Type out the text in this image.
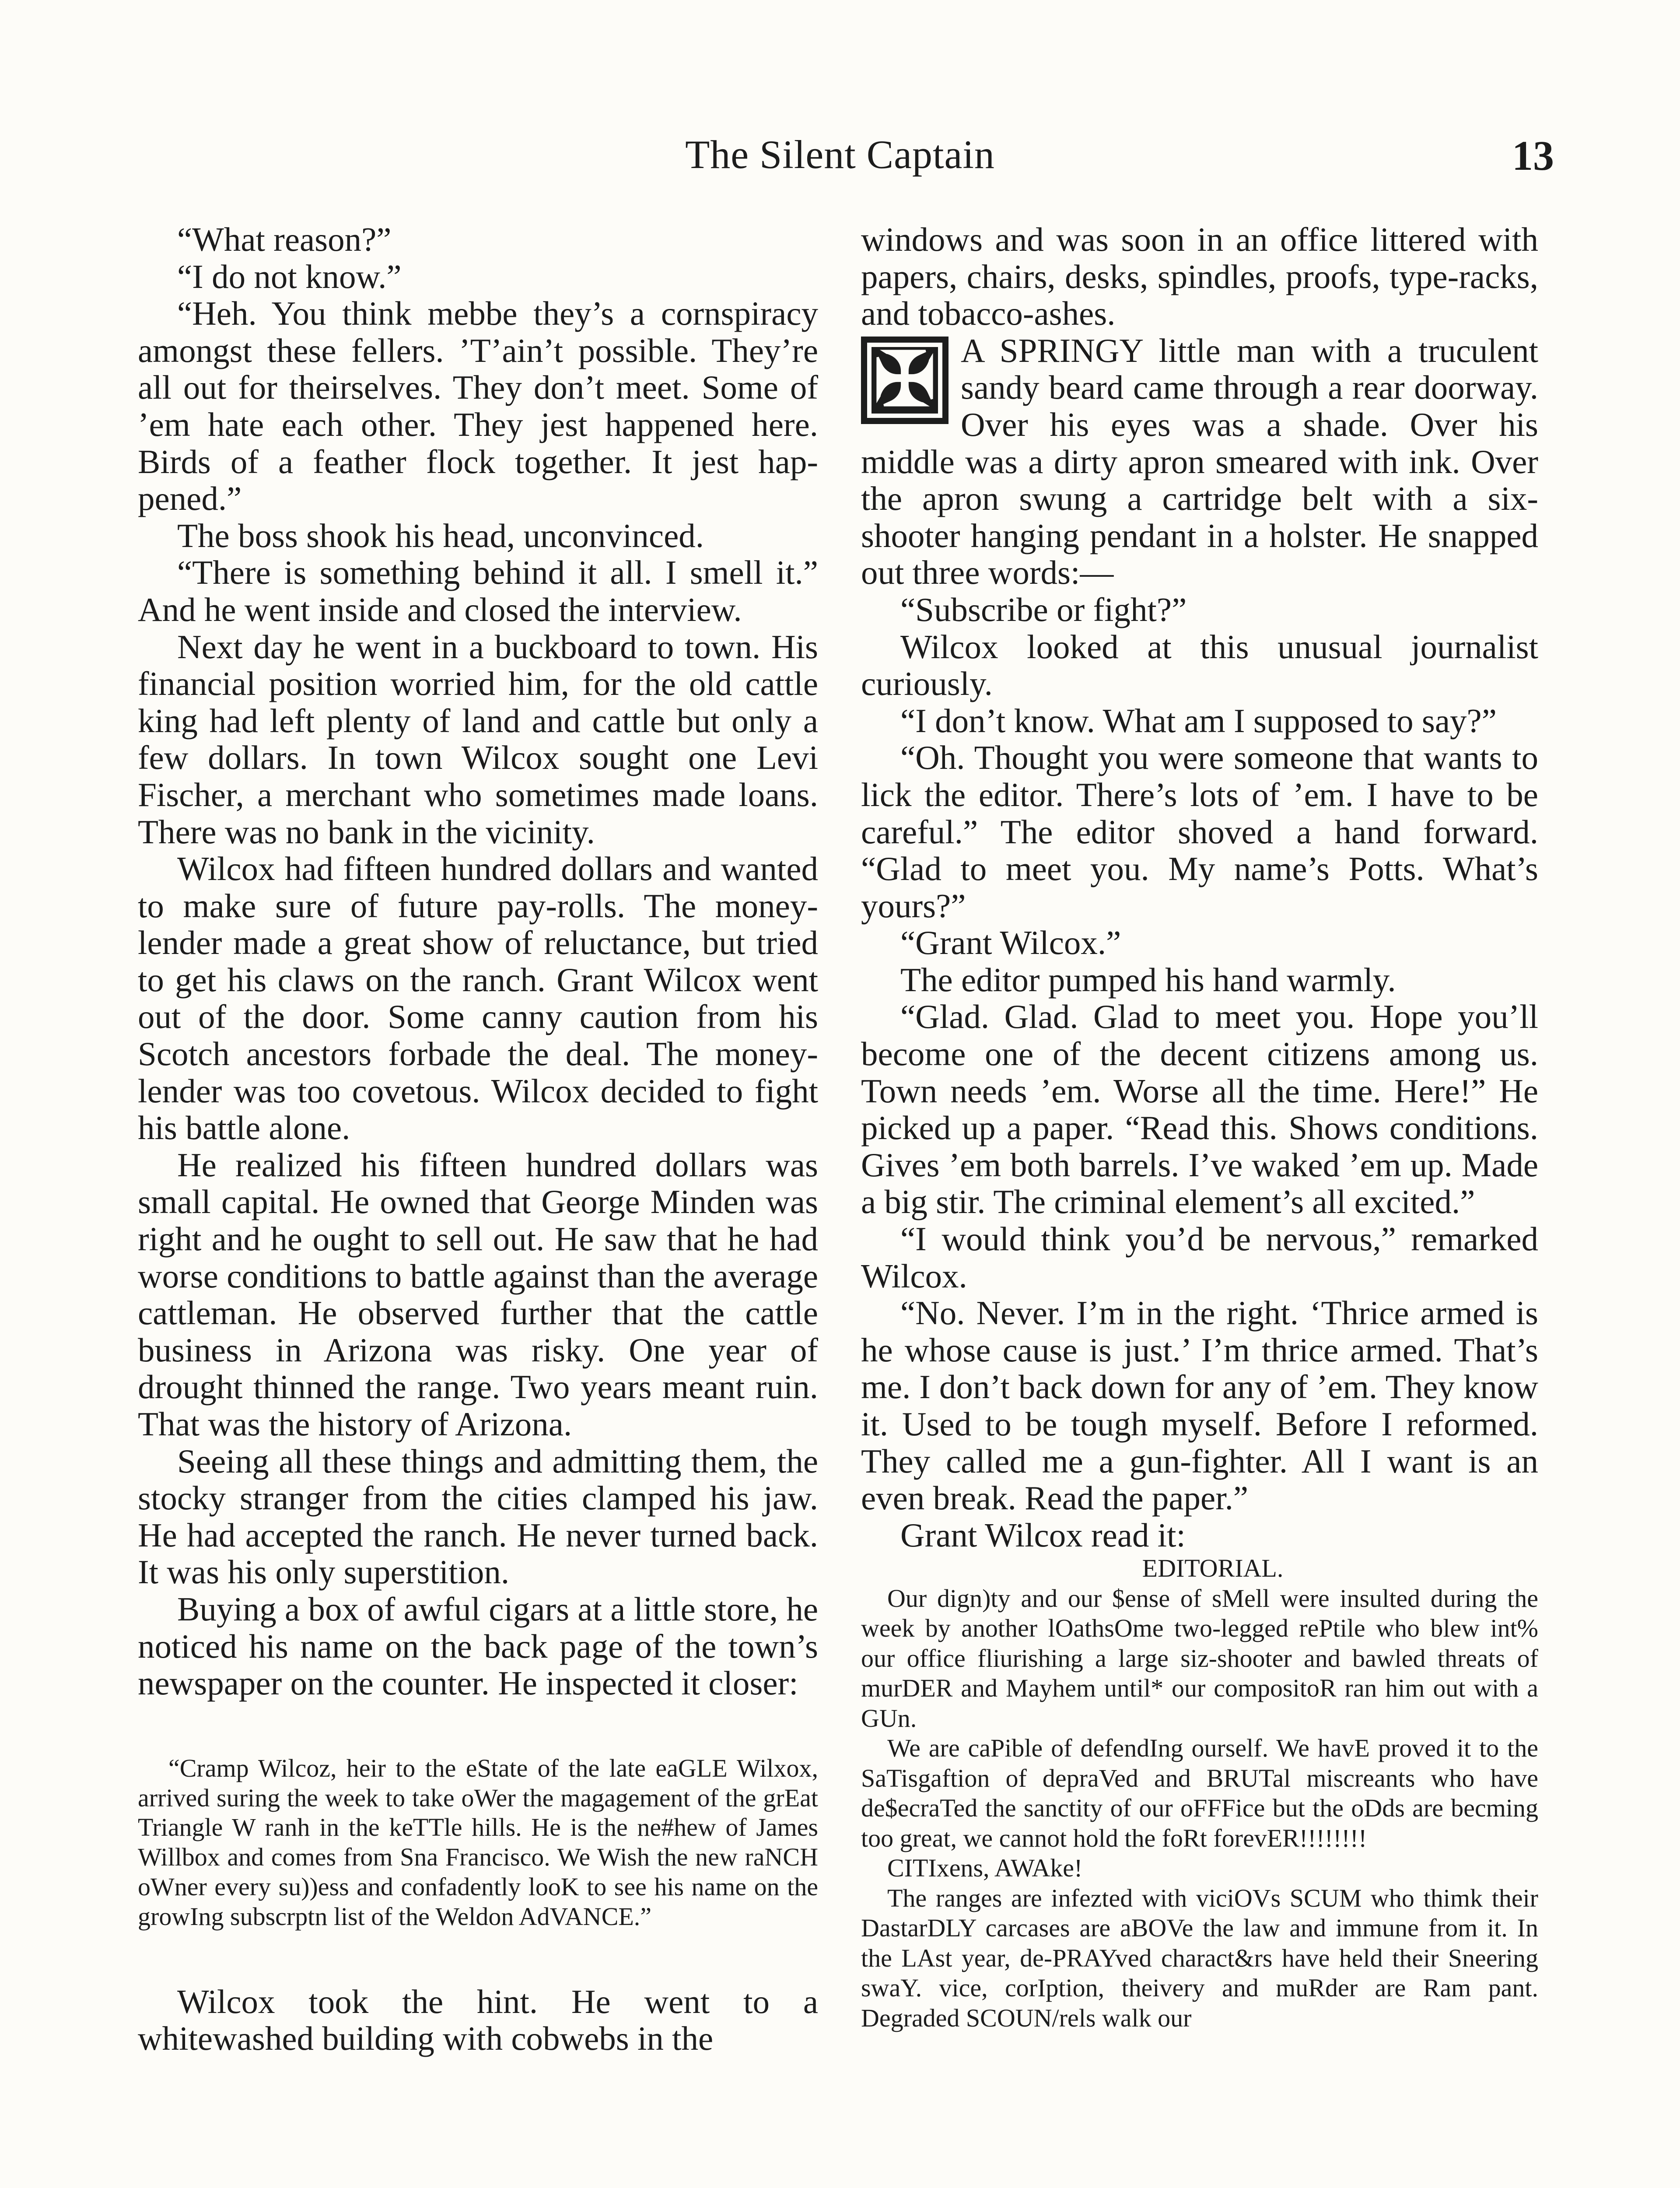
The Silent Captain	13

“What reason?”

“I do not know.”

“Heh. You think mebbe they’s a cornspiracy amongst these fellers. ’T’ain’t possible. They’re all out for theirselves. They don’t meet. Some of ’em hate each other. They jest happened here. Birds of a feather flock together. It jest happened.”

The boss shook his head, unconvinced.

“There is something behind it all. I smell it.” And he went inside and closed the interview.

Next day he went in a buckboard to town. His financial position worried him, for the old cattle king had left plenty of land and cattle but only a few dollars. In town Wilcox sought one Levi Fischer, a merchant who sometimes made loans. There was no bank in the vicinity.

Wilcox had fifteen hundred dollars and wanted to make sure of future pay-rolls. The money-lender made a great show of reluctance, but tried to get his claws on the ranch. Grant Wilcox went out of the door. Some canny caution from his Scotch ancestors forbade the deal. The money-lender was too covetous. Wilcox decided to fight his battle alone.

He realized his fifteen hundred dollars was small capital. He owned that George Minden was right and he ought to sell out. He saw that he had worse conditions to battle against than the average cattleman. He observed further that the cattle business in Arizona was risky. One year of drought thinned the range. Two years meant ruin. That was the history of Arizona.

Seeing all these things and admitting them, the stocky stranger from the cities clamped his jaw. He had accepted the ranch. He never turned back. It was his only superstition.

Buying a box of awful cigars at a little store, he noticed his name on the back page of the town’s newspaper on the counter. He inspected it closer:

“Cramp Wilcoz, heir to the eState of the late eaGLE Wilxox, arrived suring the week to take oWer the magagement of the grEat Triangle W ranh in the keTTle hills. He is the ne#hew of James Willbox and comes from Sna Francisco. We Wish the new raNCH oWner every su))ess and confadently looK to see his name on the growIng subscrptn list of the Weldon AdVANCE.”

Wilcox took the hint. He went to a whitewashed building with cobwebs in the

windows and was soon in an office littered with papers, chairs, desks, spindles, proofs, type-racks, and tobacco-ashes.

✠ A SPRINGY little man with a truculent sandy beard came through a rear doorway. Over his eyes was a shade. Over his middle was a dirty apron smeared with ink. Over the apron swung a cartridge belt with a six-shooter hanging pendant in a holster. He snapped out three words:—

“Subscribe or fight?”

Wilcox looked at this unusual journalist curiously.

“I don’t know. What am I supposed to say?”

“Oh. Thought you were someone that wants to lick the editor. There’s lots of ’em. I have to be careful.” The editor shoved a hand forward. “Glad to meet you. My name’s Potts. What’s yours?”

“Grant Wilcox.”

The editor pumped his hand warmly.

“Glad. Glad. Glad to meet you. Hope you’ll become one of the decent citizens among us. Town needs ’em. Worse all the time. Here!” He picked up a paper. “Read this. Shows conditions. Gives ’em both barrels. I’ve waked ’em up. Made a big stir. The criminal element’s all excited.”

“I would think you’d be nervous,” remarked Wilcox.

“No. Never. I’m in the right. ‘Thrice armed is he whose cause is just.’ I’m thrice armed. That’s me. I don’t back down for any of ’em. They know it. Used to be tough myself. Before I reformed. They called me a gun-fighter. All I want is an even break. Read the paper.”

Grant Wilcox read it:

EDITORIAL.

Our dign)ty and our $ense of sMell were insulted during the week by another lOathsOme two-legged rePtile who blew int% our office fliurishing a large siz-shooter and bawled threats of murDER and Mayhem until* our compositoR ran him out with a GUn.

We are caPible of defendIng ourself. We havE proved it to the SaTisgaftion of depraVed and BRUTal miscreants who have de$ecraTed the sanctity of our oFFFice but the oDds are becming too great, we cannot hold the foRt forevER!!!!!!!!

CITIxens, AWAke!

The ranges are infezted with viciOVs SCUM who thimk their DastarDLY carcases are aBOVe the law and immune from it. In the LAst year, de-PRAYved charact&rs have held their Sneering swaY. vice, corIption, theivery and muRder are Ram pant. Degraded SCOUN/rels walk our
